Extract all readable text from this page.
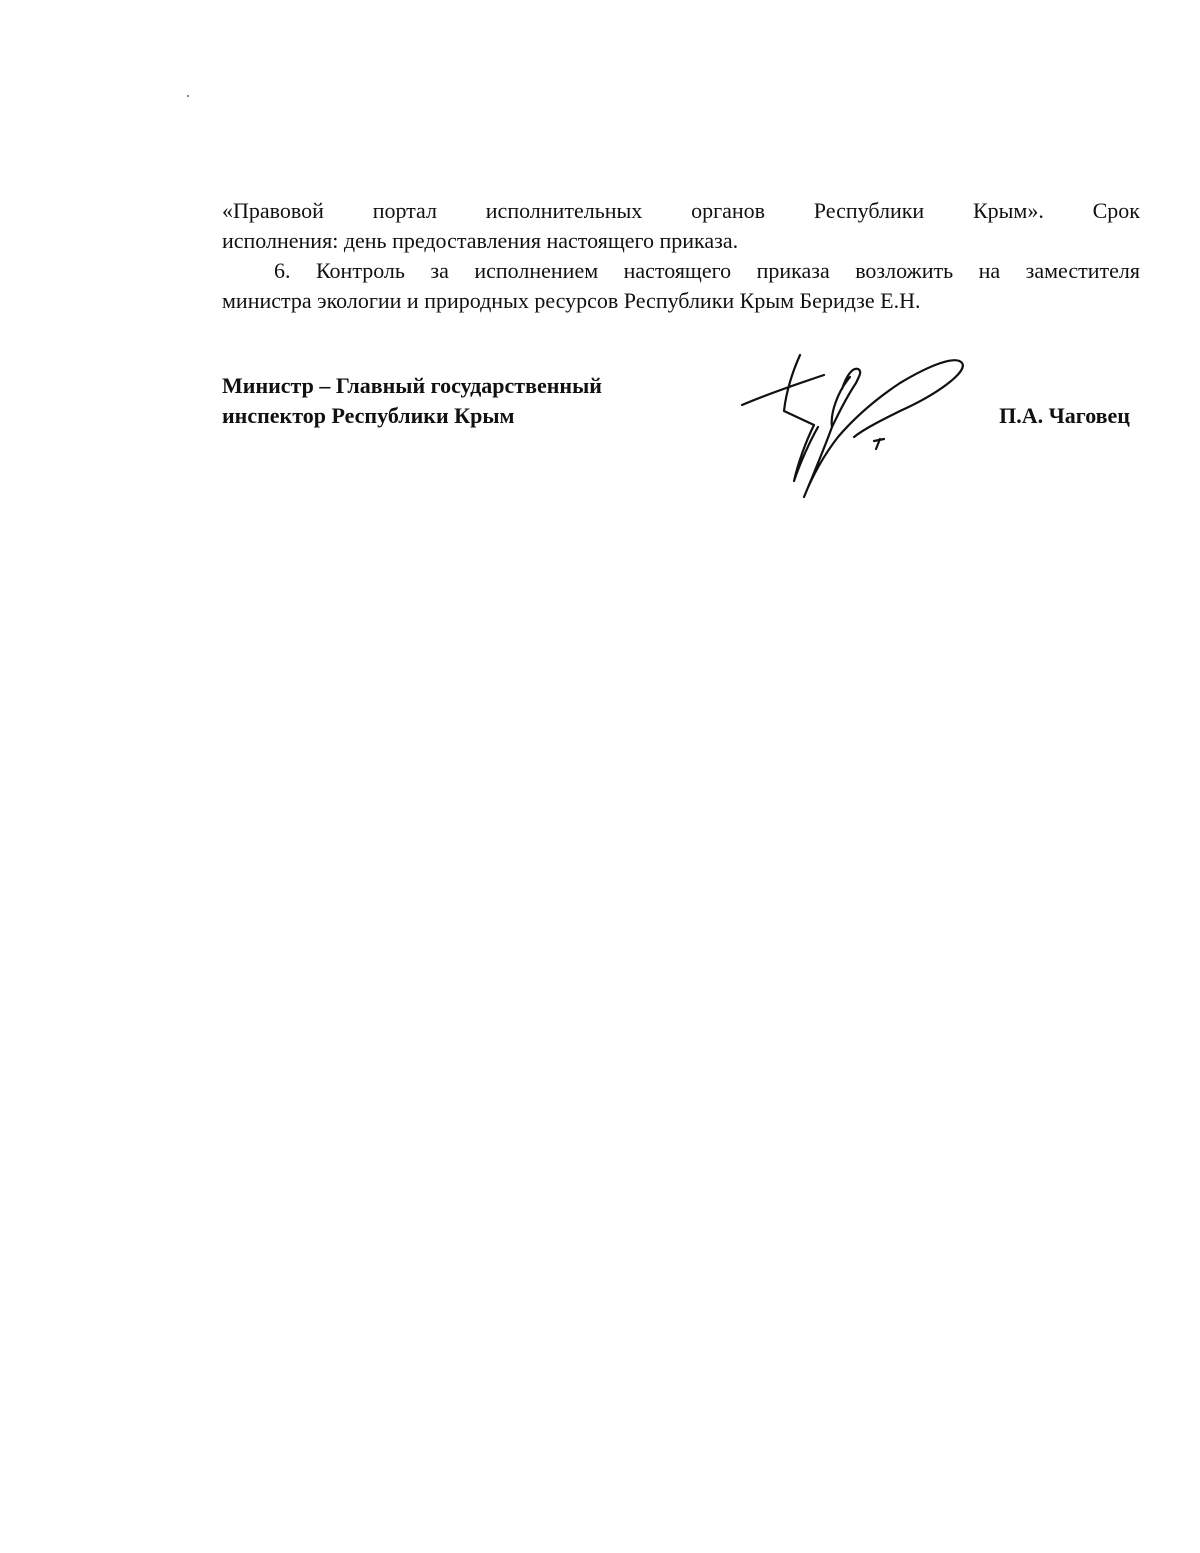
«Правовой портал исполнительных органов Республики Крым». Срок
исполнения: день предоставления настоящего приказа.
6. Контроль за исполнением настоящего приказа возложить на заместителя
министра экологии и природных ресурсов Республики Крым Беридзе Е.Н.
Министр – Главный государственный
инспектор Республики Крым	П.А. Чаговец
